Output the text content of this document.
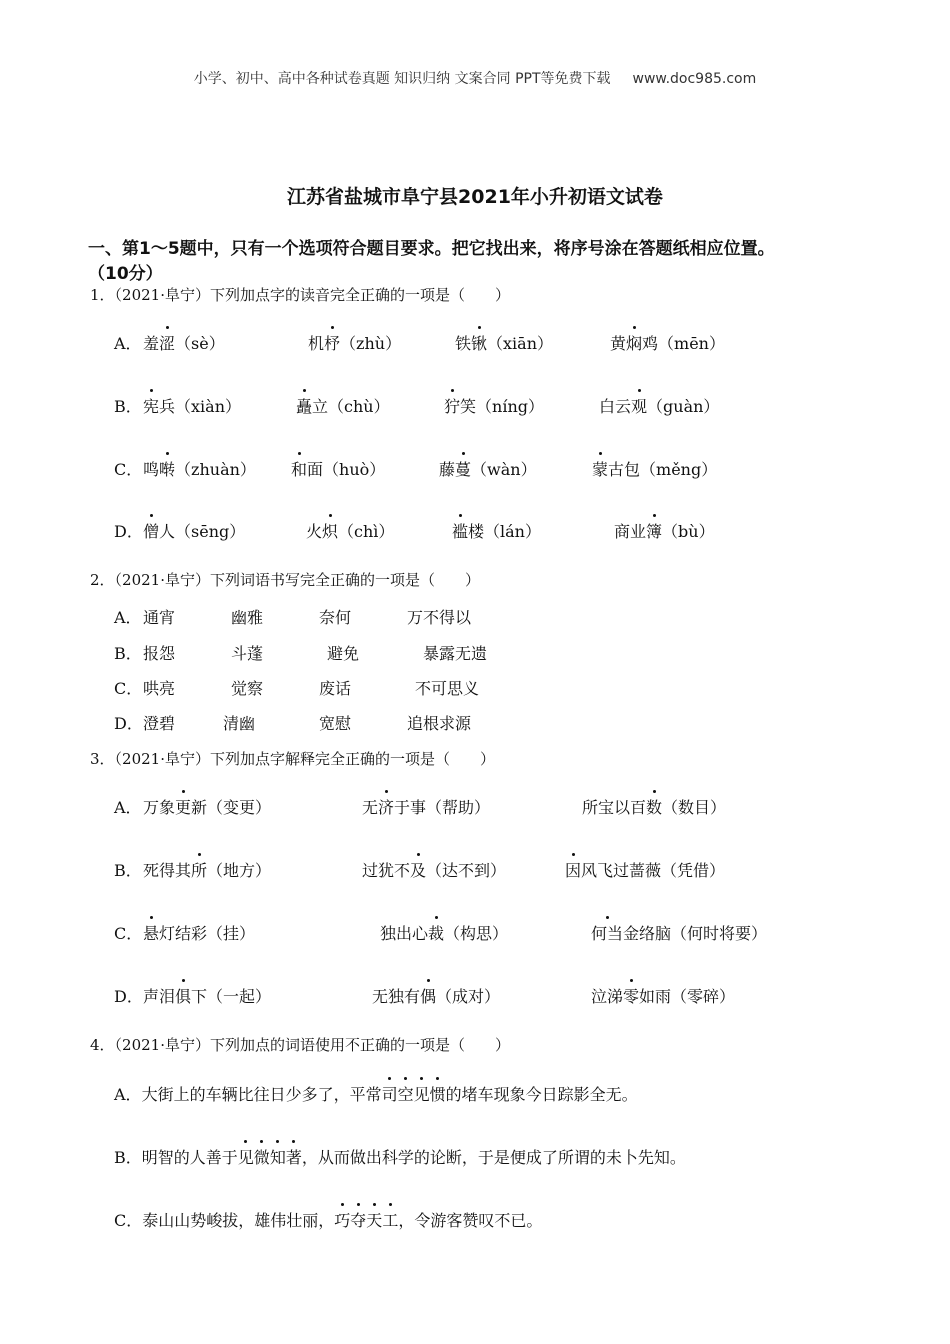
小学、初中、高中各种试卷真题 知识归纳 文案合同 PPT等免费下载 www.doc985.com
江苏省盐城市阜宁县2021年小升初语文试卷
一、第1～5题中，只有一个选项符合题目要求。把它找出来，将序号涂在答题纸相应位置。
（10分）
1．（2021·阜宁）下列加点字的读音完全正确的一项是（　　）
A． 羞涩（sè）	机杼（zhù）	铁锹（xiān）	黄焖鸡（mēn）
B． 宪兵（xiàn）	矗立（chù）	狞笑（níng）	白云观（guàn）
C． 鸣啭（zhuàn） 和面（huò）	藤蔓（wàn）	蒙古包（měng）
D． 僧人（sēng）	火炽（chì）	褴楼（lán）	商业簿（bù）
2．（2021·阜宁）下列词语书写完全正确的一项是（　　）
A． 通宵	幽雅	奈何	万不得以
B． 报怨	斗蓬	避免	暴露无遗
C． 哄亮	觉察	废话	不可思义
D． 澄碧	清幽	宽慰	追根求源
3．（2021·阜宁）下列加点字解释完全正确的一项是（　　）
A． 万象更新（变更）	无济于事（帮助）	所宝以百数（数目）
B． 死得其所（地方）	过犹不及（达不到）	因风飞过蔷薇（凭借）
C． 悬灯结彩（挂）	独出心裁（构思）	何当金络脑（何时将要）
D． 声泪俱下（一起）	无独有偶（成对）	泣涕零如雨（零碎）
4．（2021·阜宁）下列加点的词语使用不正确的一项是（　　）
A．大街上的车辆比往日少多了，平常司空见惯的堵车现象今日踪影全无。
B．明智的人善于见微知著，从而做出科学的论断，于是便成了所谓的未卜先知。
C．泰山山势峻拔，雄伟壮丽，巧夺天工，令游客赞叹不已。
